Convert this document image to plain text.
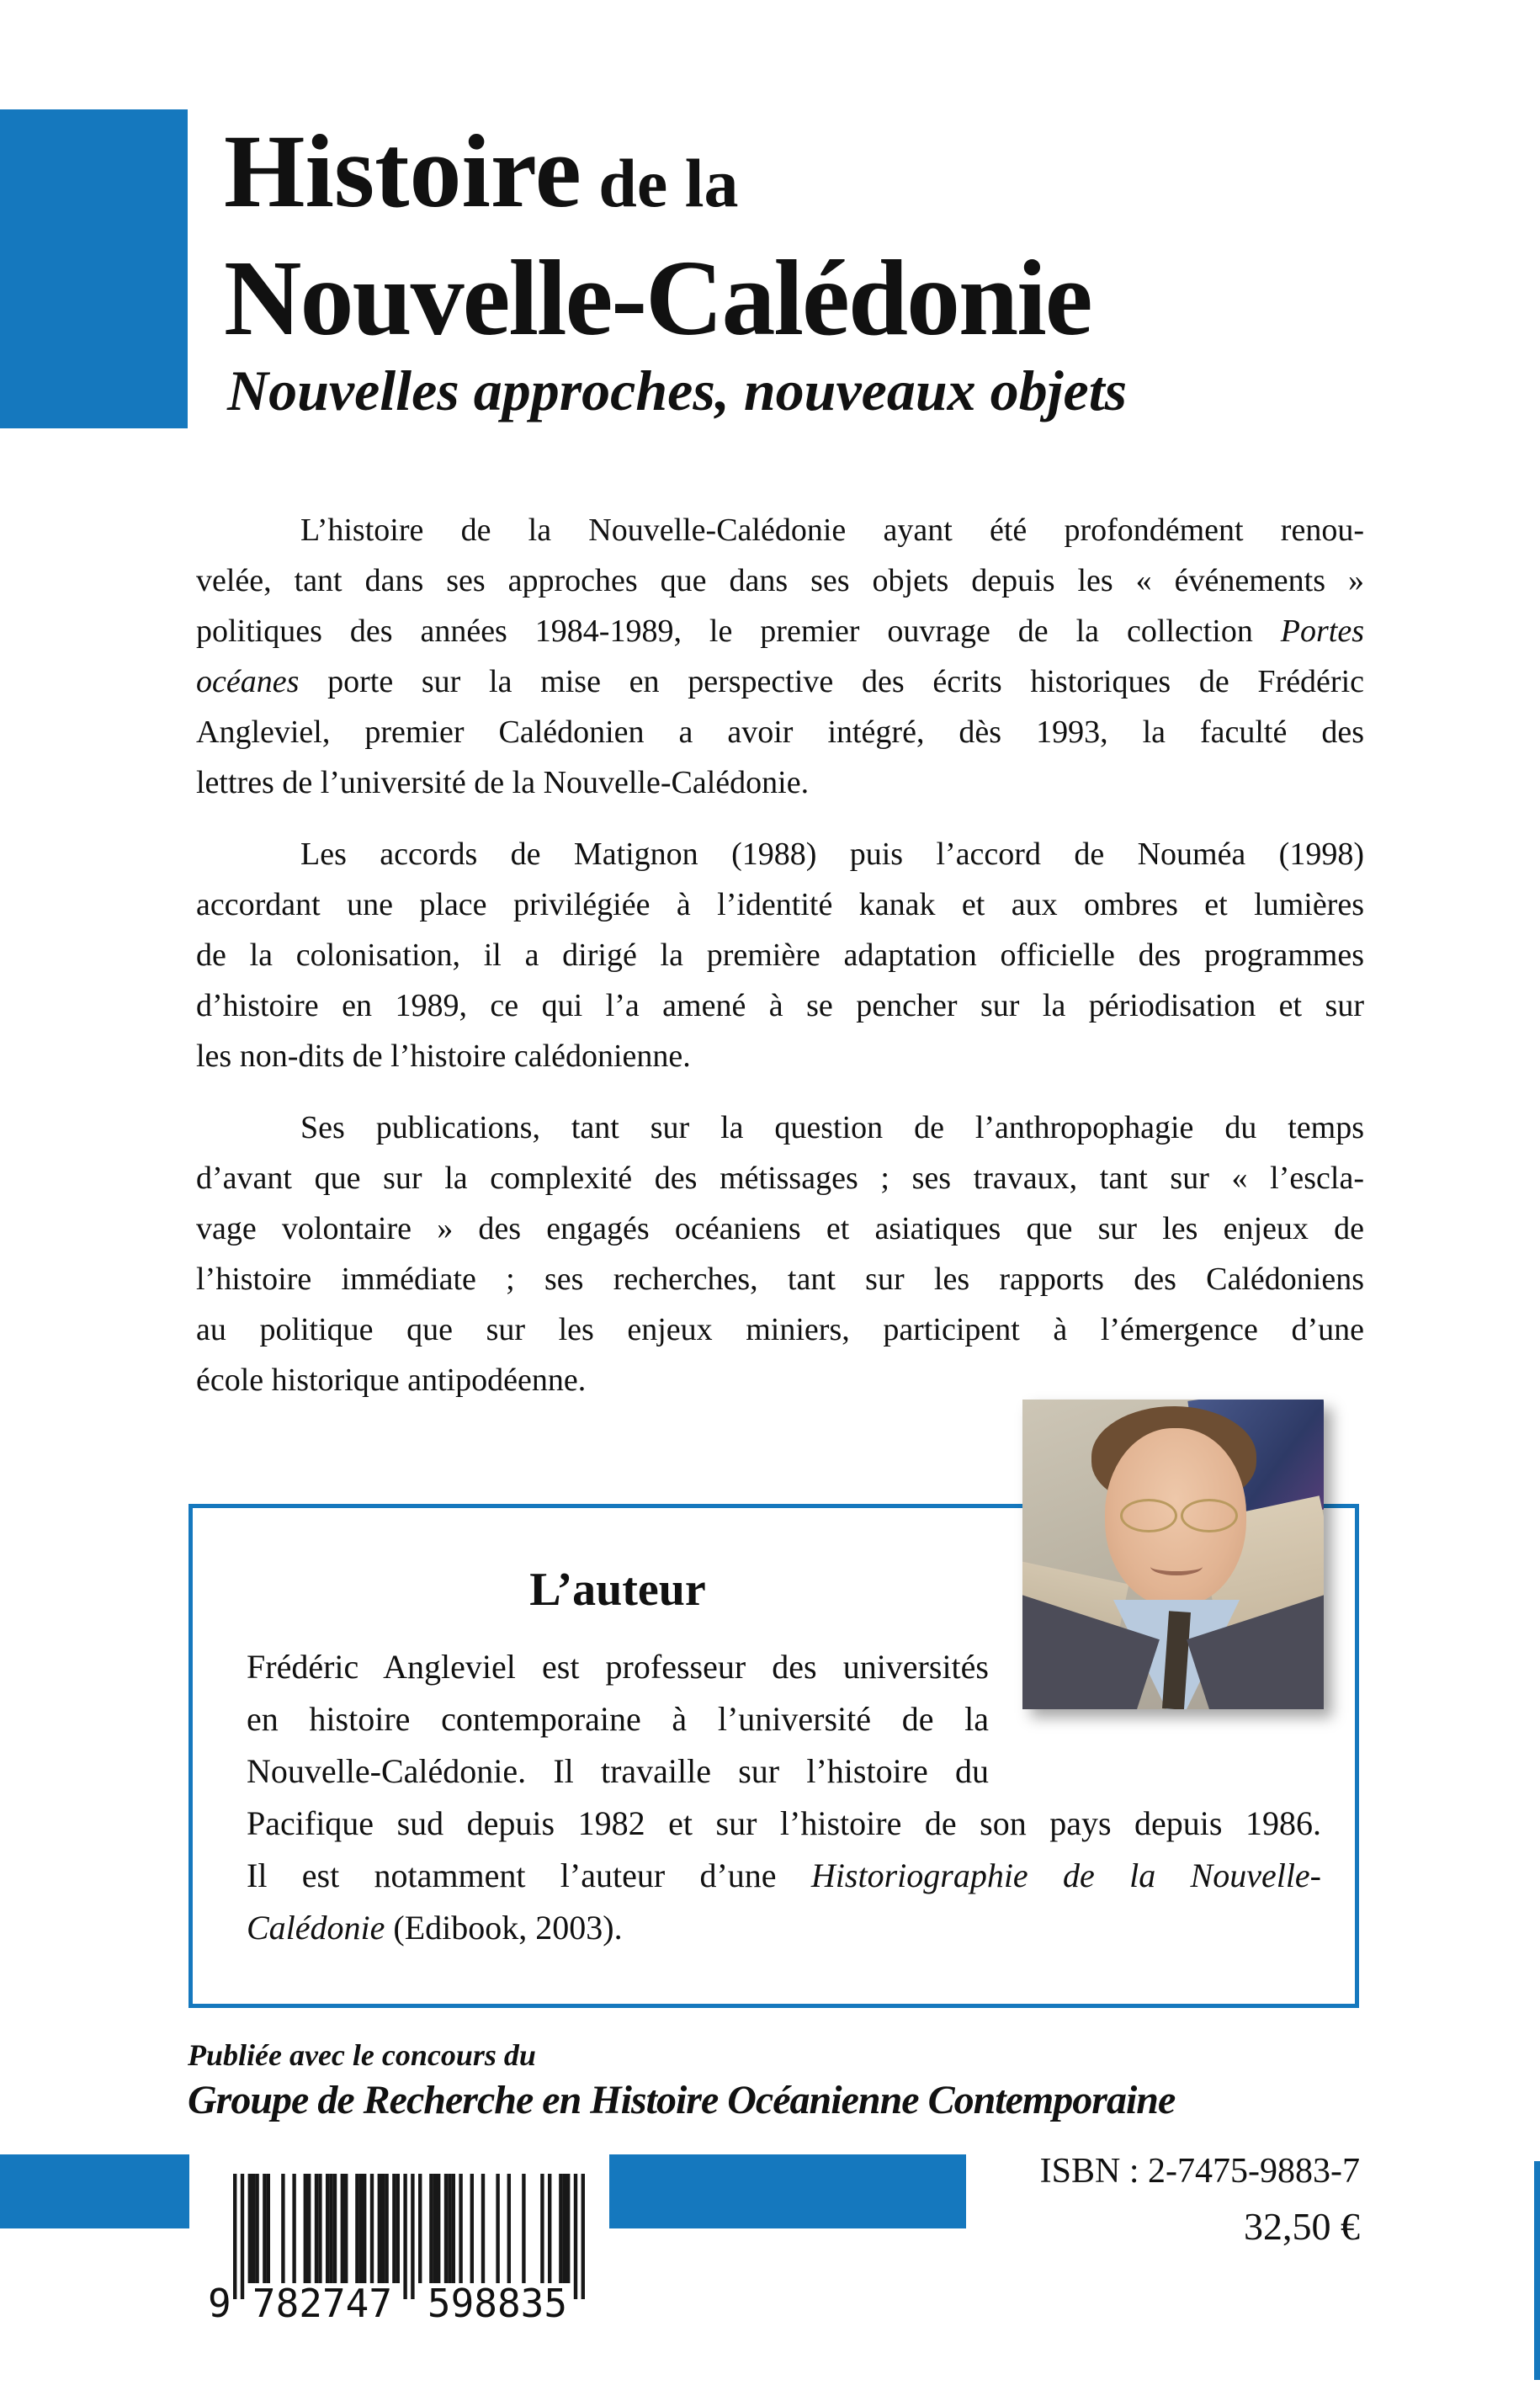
Histoire de la
Nouvelle-Calédonie
Nouvelles approches, nouveaux objets
L’histoire de la Nouvelle-Calédonie ayant été profondément renou-
velée, tant dans ses approches que dans ses objets depuis les « événements »
politiques des années 1984-1989, le premier ouvrage de la collection Portes
océanes porte sur la mise en perspective des écrits historiques de Frédéric
Angleviel, premier Calédonien a avoir intégré, dès 1993, la faculté des
lettres de l’université de la Nouvelle-Calédonie.
Les accords de Matignon (1988) puis l’accord de Nouméa (1998)
accordant une place privilégiée à l’identité kanak et aux ombres et lumières
de la colonisation, il a dirigé la première adaptation officielle des programmes
d’histoire en 1989, ce qui l’a amené à se pencher sur la périodisation et sur
les non-dits de l’histoire calédonienne.
Ses publications, tant sur la question de l’anthropophagie du temps
d’avant que sur la complexité des métissages ; ses travaux, tant sur « l’escla-
vage volontaire » des engagés océaniens et asiatiques que sur les enjeux de
l’histoire immédiate ; ses recherches, tant sur les rapports des Calédoniens
au politique que sur les enjeux miniers, participent à l’émergence d’une
école historique antipodéenne.
L’auteur
Frédéric Angleviel est professeur des universités
en histoire contemporaine à l’université de la
Nouvelle-Calédonie. Il travaille sur l’histoire du
Pacifique sud depuis 1982 et sur l’histoire de son pays depuis 1986.
Il est notamment l’auteur d’une Historiographie de la Nouvelle-
Calédonie (Edibook, 2003).
Publiée avec le concours du
Groupe de Recherche en Histoire Océanienne Contemporaine
ISBN : 2-7475-9883-7
32,50 €
9 782747 598835
